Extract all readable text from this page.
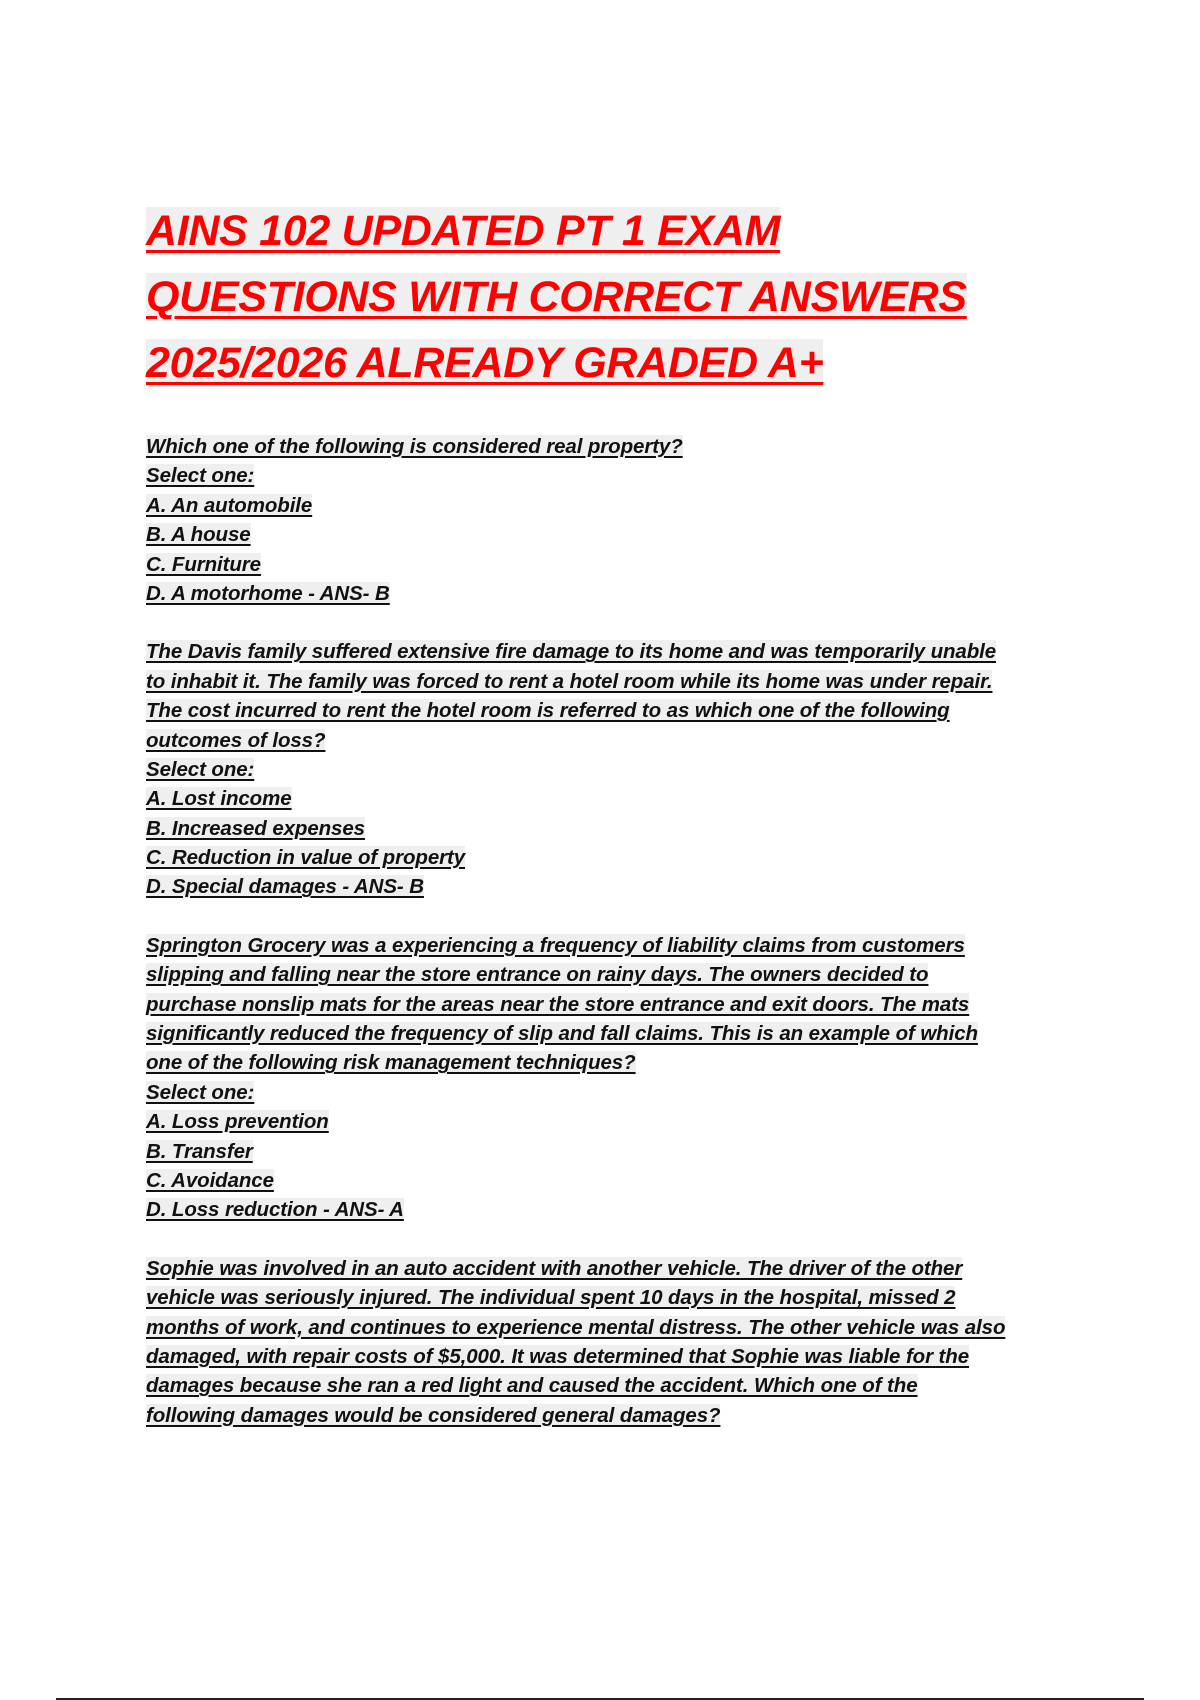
AINS 102 UPDATED PT 1 EXAM
QUESTIONS WITH CORRECT ANSWERS
2025/2026 ALREADY GRADED A+
Which one of the following is considered real property?
Select one:
A. An automobile
B. A house
C. Furniture
D. A motorhome - ANS- B
The Davis family suffered extensive fire damage to its home and was temporarily unable
to inhabit it. The family was forced to rent a hotel room while its home was under repair.
The cost incurred to rent the hotel room is referred to as which one of the following
outcomes of loss?
Select one:
A. Lost income
B. Increased expenses
C. Reduction in value of property
D. Special damages - ANS- B
Springton Grocery was a experiencing a frequency of liability claims from customers
slipping and falling near the store entrance on rainy days. The owners decided to
purchase nonslip mats for the areas near the store entrance and exit doors. The mats
significantly reduced the frequency of slip and fall claims. This is an example of which
one of the following risk management techniques?
Select one:
A. Loss prevention
B. Transfer
C. Avoidance
D. Loss reduction - ANS- A
Sophie was involved in an auto accident with another vehicle. The driver of the other
vehicle was seriously injured. The individual spent 10 days in the hospital, missed 2
months of work, and continues to experience mental distress. The other vehicle was also
damaged, with repair costs of $5,000. It was determined that Sophie was liable for the
damages because she ran a red light and caused the accident. Which one of the
following damages would be considered general damages?
